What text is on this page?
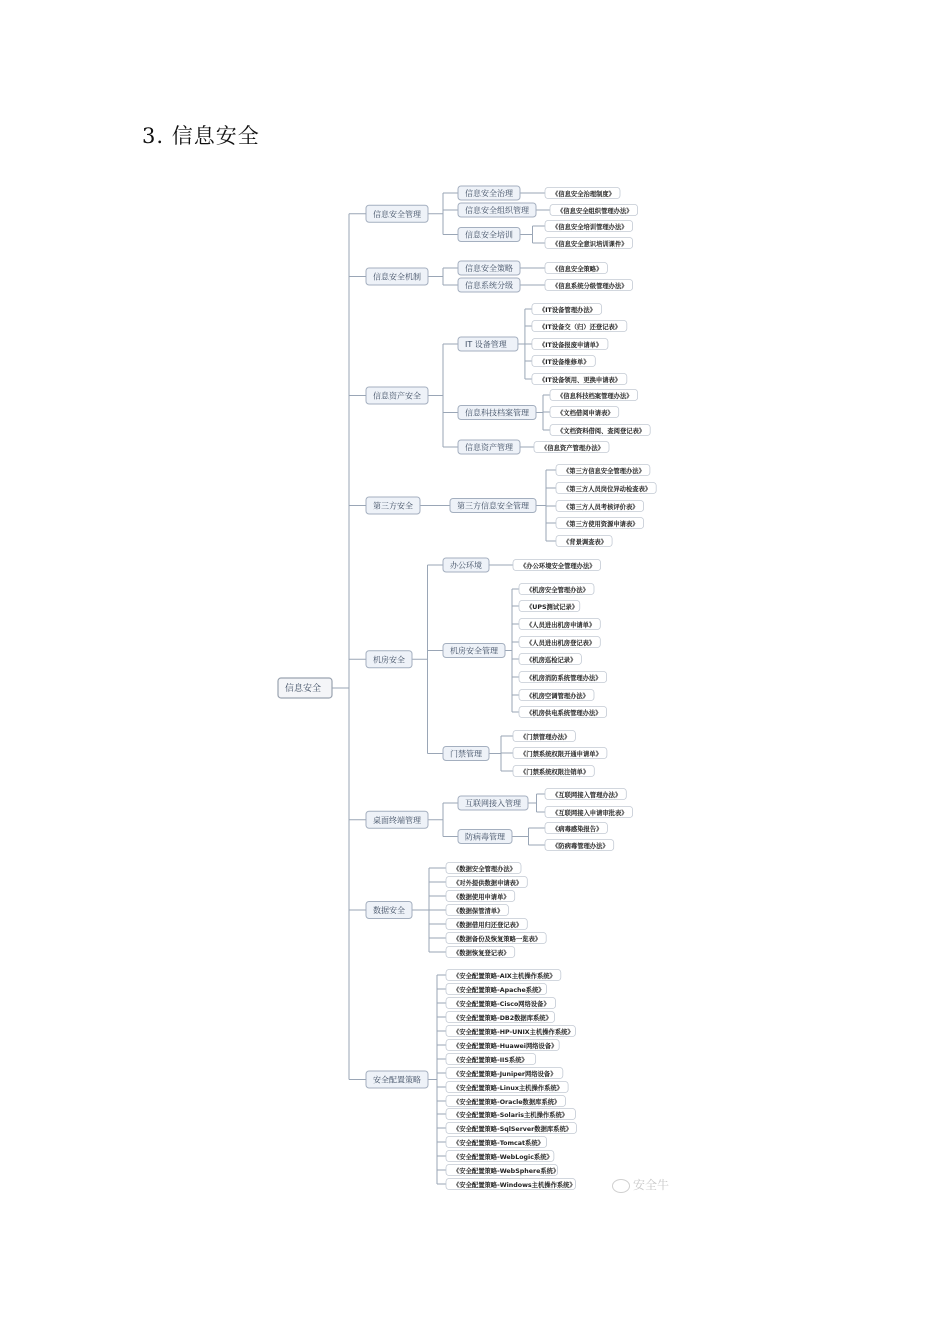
3. 信息安全
《信息安全治理制度》
信息安全治理
《信息安全组织管理办法》
信息安全组织管理
《信息安全培训管理办法》
《信息安全意识培训课件》
信息安全培训
信息安全管理
《信息安全策略》
信息安全策略
《信息系统分级管理办法》
信息系统分级
信息安全机制
《IT设备管理办法》
《IT设备交（归）还登记表》
《IT设备报废申请单》
《IT设备维修单》
《IT设备领用、更换申请表》
IT 设备管理
《信息科技档案管理办法》
《文档借阅申请表》
《文档资料借阅、查阅登记表》
信息科技档案管理
《信息资产管理办法》
信息资产管理
信息资产安全
《第三方信息安全管理办法》
《第三方人员岗位异动检查表》
《第三方人员考核评价表》
《第三方使用资源申请表》
《背景调查表》
第三方信息安全管理
第三方安全
《办公环境安全管理办法》
办公环境
《机房安全管理办法》
《UPS测试记录》
《人员进出机房申请单》
《人员进出机房登记表》
《机房巡检记录》
《机房消防系统管理办法》
《机房空调管理办法》
《机房供电系统管理办法》
机房安全管理
《门禁管理办法》
《门禁系统权限开通申请单》
《门禁系统权限注销单》
门禁管理
机房安全
《互联网接入管理办法》
《互联网接入申请审批表》
互联网接入管理
《病毒感染报告》
《防病毒管理办法》
防病毒管理
桌面终端管理
《数据安全管理办法》
《对外提供数据申请表》
《数据使用申请单》
《数据保管清单》
《数据借用归还登记表》
《数据备份及恢复策略一览表》
《数据恢复登记表》
数据安全
《安全配置策略-AIX主机操作系统》
《安全配置策略-Apache系统》
《安全配置策略-Cisco网络设备》
《安全配置策略-DB2数据库系统》
《安全配置策略-HP-UNIX主机操作系统》
《安全配置策略-Huawei网络设备》
《安全配置策略-IIS系统》
《安全配置策略-Juniper网络设备》
《安全配置策略-Linux主机操作系统》
《安全配置策略-Oracle数据库系统》
《安全配置策略-Solaris主机操作系统》
《安全配置策略-SqlServer数据库系统》
《安全配置策略-Tomcat系统》
《安全配置策略-WebLogic系统》
《安全配置策略-WebSphere系统》
《安全配置策略-Windows主机操作系统》
安全配置策略
信息安全
安全牛
